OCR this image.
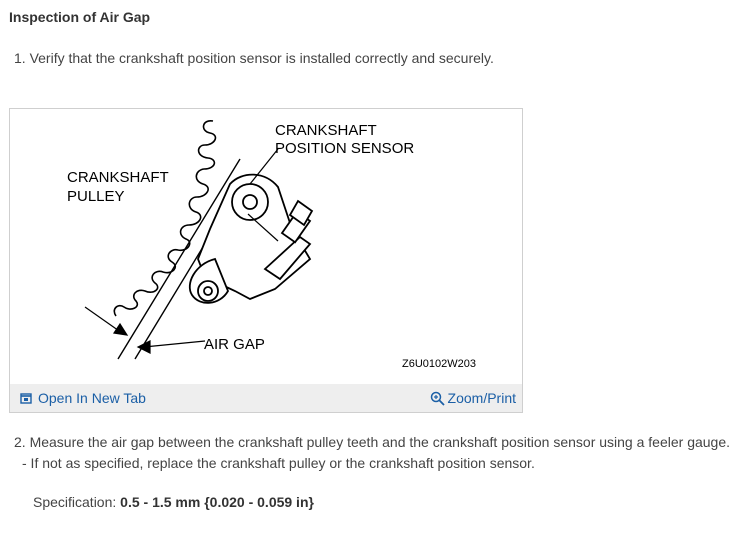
Inspection of Air Gap
1. Verify that the crankshaft position sensor is installed correctly and securely.
CRANKSHAFT
POSITION SENSOR
CRANKSHAFT
PULLEY
AIR GAP
Z6U0102W203
Open In New Tab	Zoom/Print
2. Measure the air gap between the crankshaft pulley teeth and the crankshaft position sensor using a feeler gauge.
- If not as specified, replace the crankshaft pulley or the crankshaft position sensor.
Specification: 0.5 - 1.5 mm {0.020 - 0.059 in}
